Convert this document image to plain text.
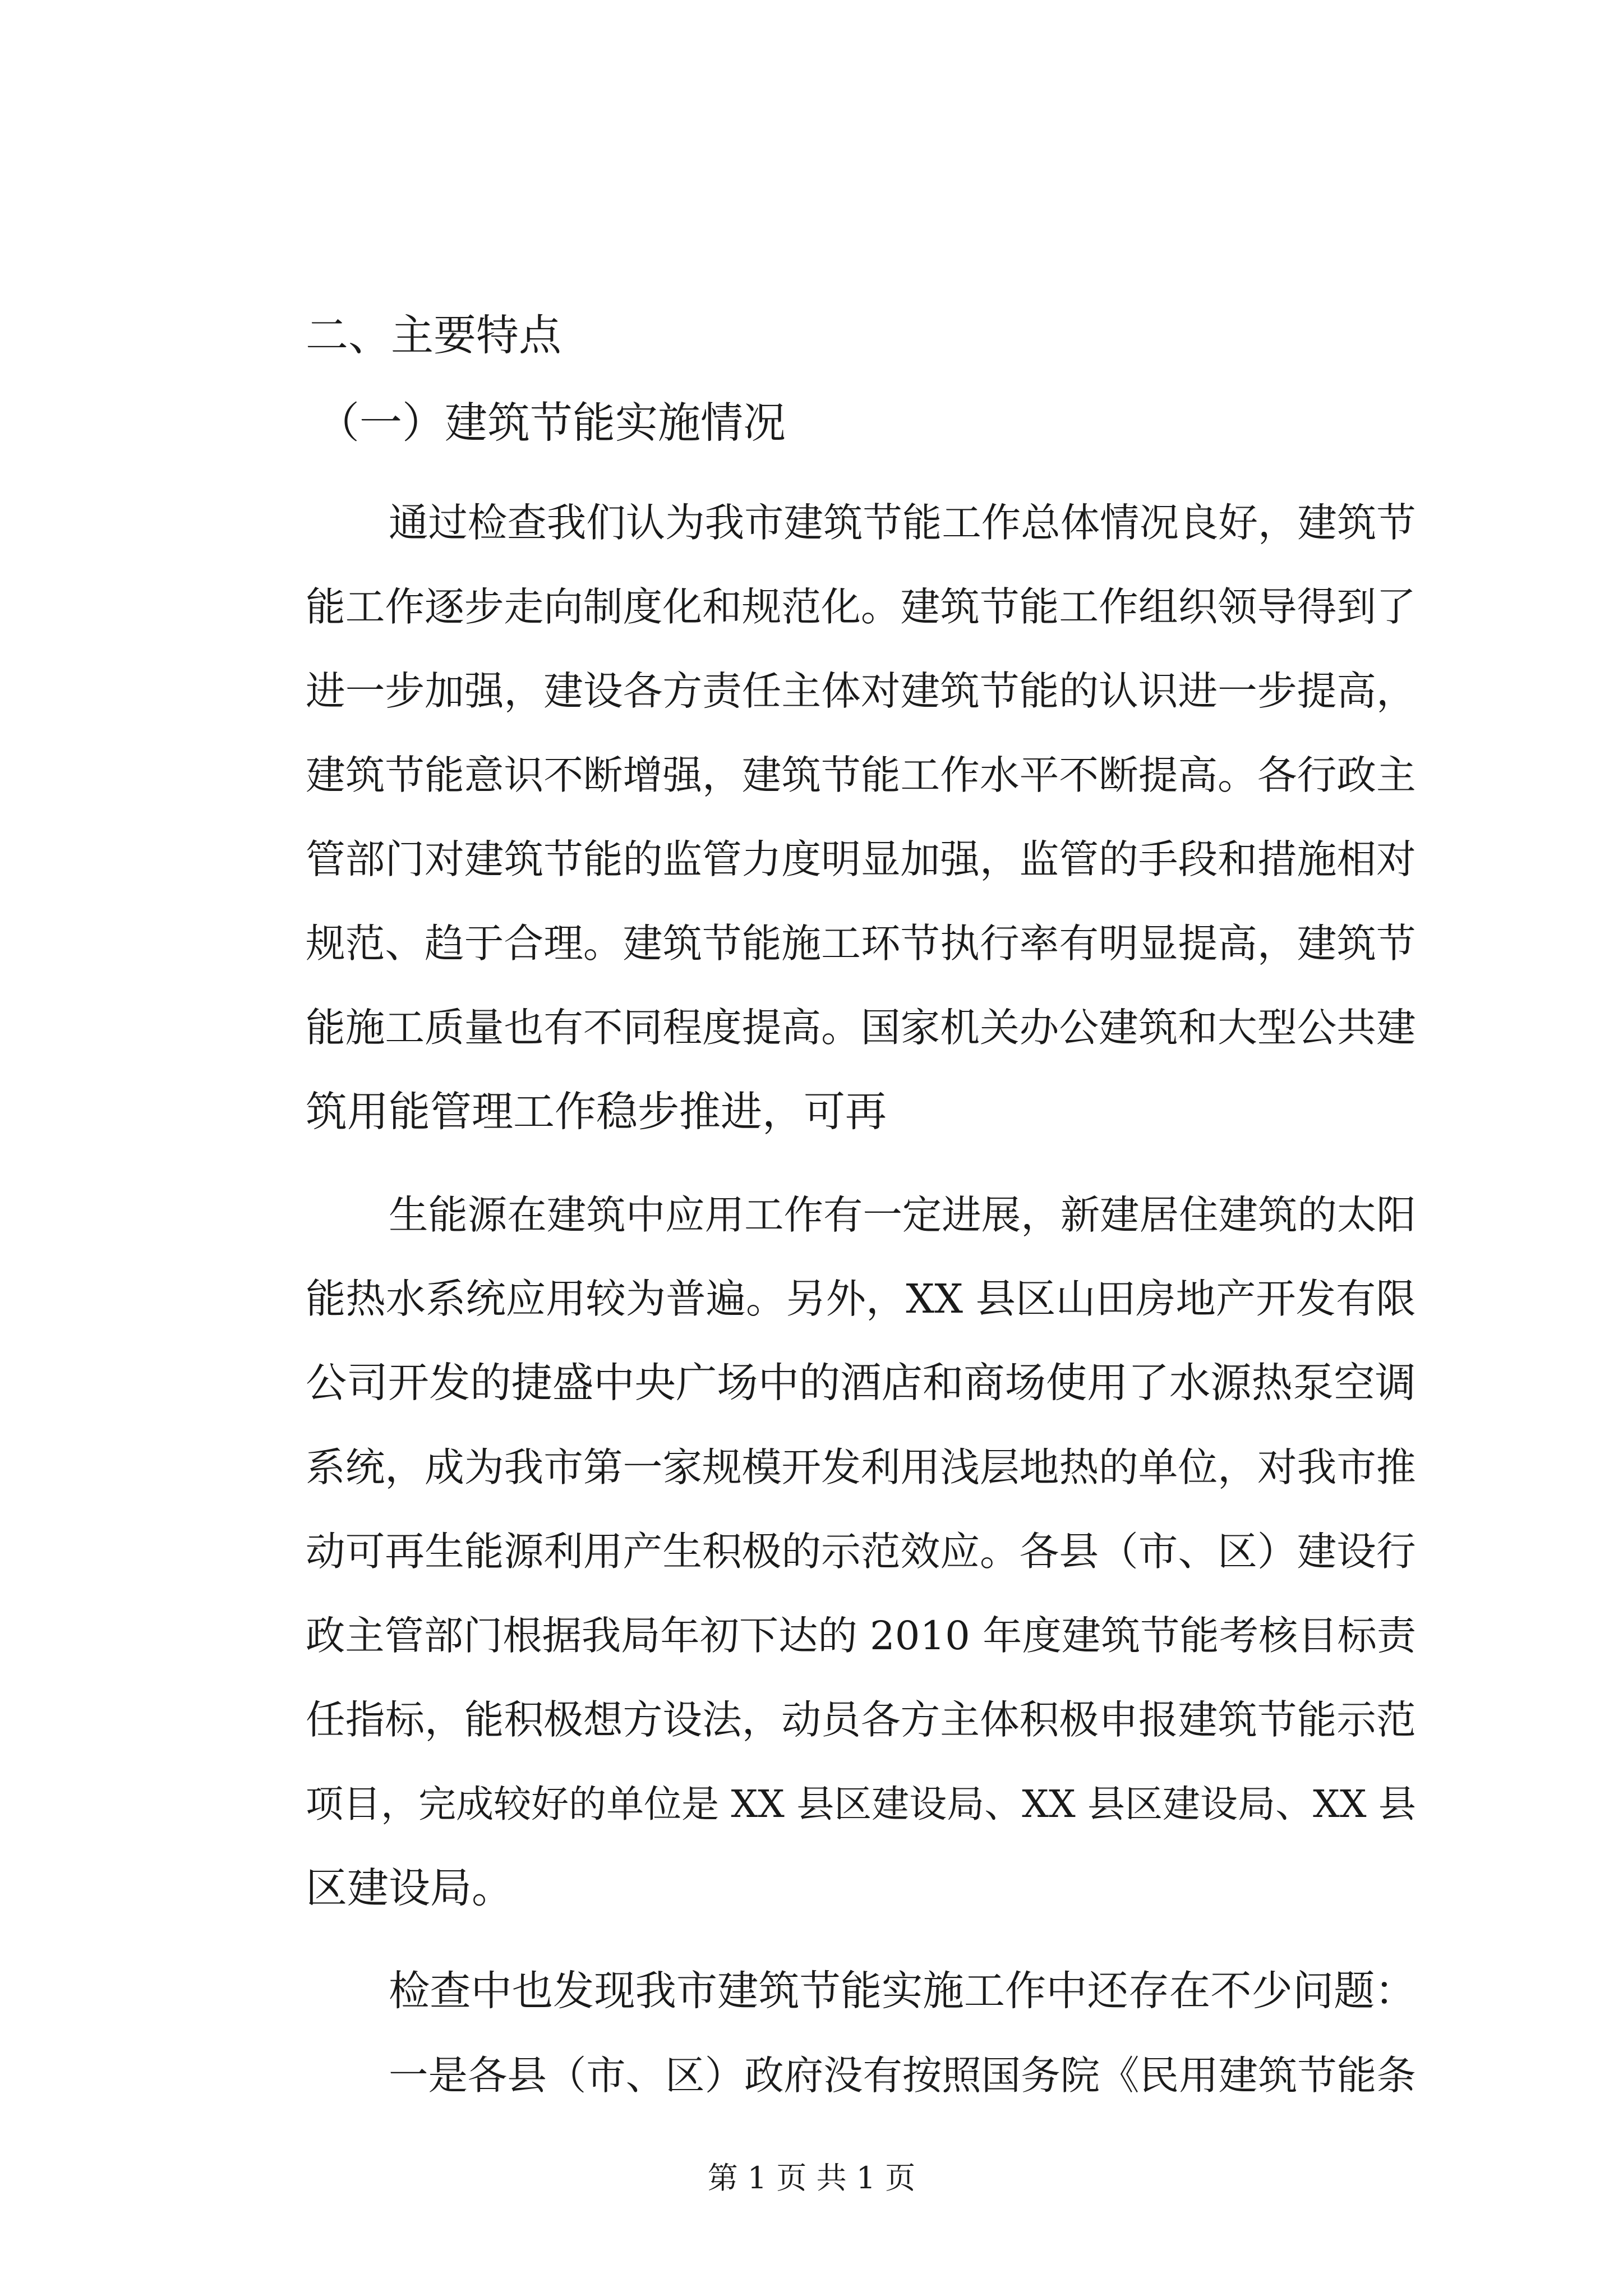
二、主要特点

（一）建筑节能实施情况

通过检查我们认为我市建筑节能工作总体情况良好，建筑节
能工作逐步走向制度化和规范化。建筑节能工作组织领导得到了
进一步加强，建设各方责任主体对建筑节能的认识进一步提高，
建筑节能意识不断增强，建筑节能工作水平不断提高。各行政主
管部门对建筑节能的监管力度明显加强，监管的手段和措施相对
规范、趋于合理。建筑节能施工环节执行率有明显提高，建筑节
能施工质量也有不同程度提高。国家机关办公建筑和大型公共建
筑用能管理工作稳步推进，可再
生能源在建筑中应用工作有一定进展，新建居住建筑的太阳
能热水系统应用较为普遍。另外，XX 县区山田房地产开发有限
公司开发的捷盛中央广场中的酒店和商场使用了水源热泵空调
系统，成为我市第一家规模开发利用浅层地热的单位，对我市推
动可再生能源利用产生积极的示范效应。各县（市、区）建设行
政主管部门根据我局年初下达的 2010 年度建筑节能考核目标责
任指标，能积极想方设法，动员各方主体积极申报建筑节能示范
项目，完成较好的单位是 XX 县区建设局、XX 县区建设局、XX 县
区建设局。
检查中也发现我市建筑节能实施工作中还存在不少问题：
一是各县（市、区）政府没有按照国务院《民用建筑节能条
第 1 页 共 1 页
